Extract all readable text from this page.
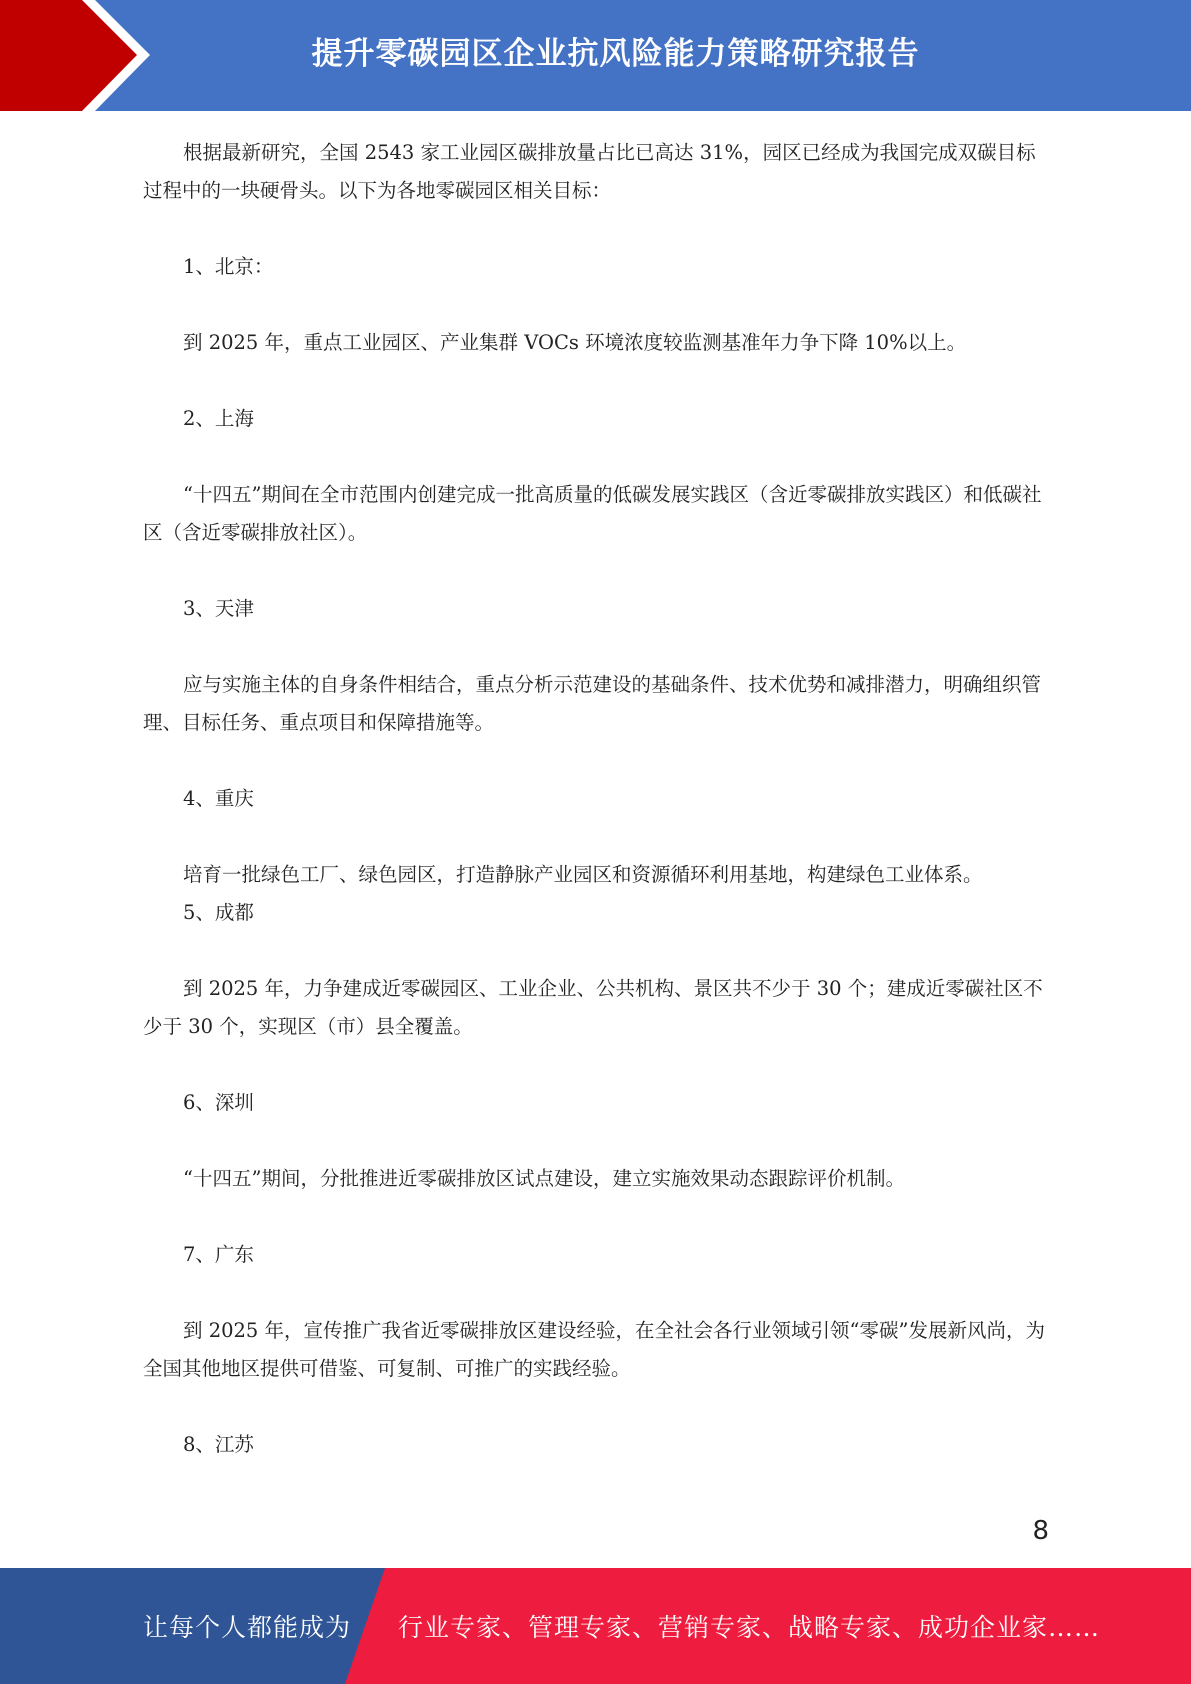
提升零碳园区企业抗风险能力策略研究报告

根据最新研究，全国 2543 家工业园区碳排放量占比已高达 31%，园区已经成为我国完成双碳目标过程中的一块硬骨头。以下为各地零碳园区相关目标：

1、北京：

到 2025 年，重点工业园区、产业集群 VOCs 环境浓度较监测基准年力争下降 10%以上。

2、上海

“十四五”期间在全市范围内创建完成一批高质量的低碳发展实践区（含近零碳排放实践区）和低碳社区（含近零碳排放社区）。

3、天津

应与实施主体的自身条件相结合，重点分析示范建设的基础条件、技术优势和减排潜力，明确组织管理、目标任务、重点项目和保障措施等。

4、重庆

培育一批绿色工厂、绿色园区，打造静脉产业园区和资源循环利用基地，构建绿色工业体系。

5、成都

到 2025 年，力争建成近零碳园区、工业企业、公共机构、景区共不少于 30 个；建成近零碳社区不少于 30 个，实现区（市）县全覆盖。

6、深圳

“十四五”期间，分批推进近零碳排放区试点建设，建立实施效果动态跟踪评价机制。

7、广东

到 2025 年，宣传推广我省近零碳排放区建设经验，在全社会各行业领域引领“零碳”发展新风尚，为全国其他地区提供可借鉴、可复制、可推广的实践经验。

8、江苏

8
让每个人都能成为 行业专家、管理专家、营销专家、战略专家、成功企业家……
